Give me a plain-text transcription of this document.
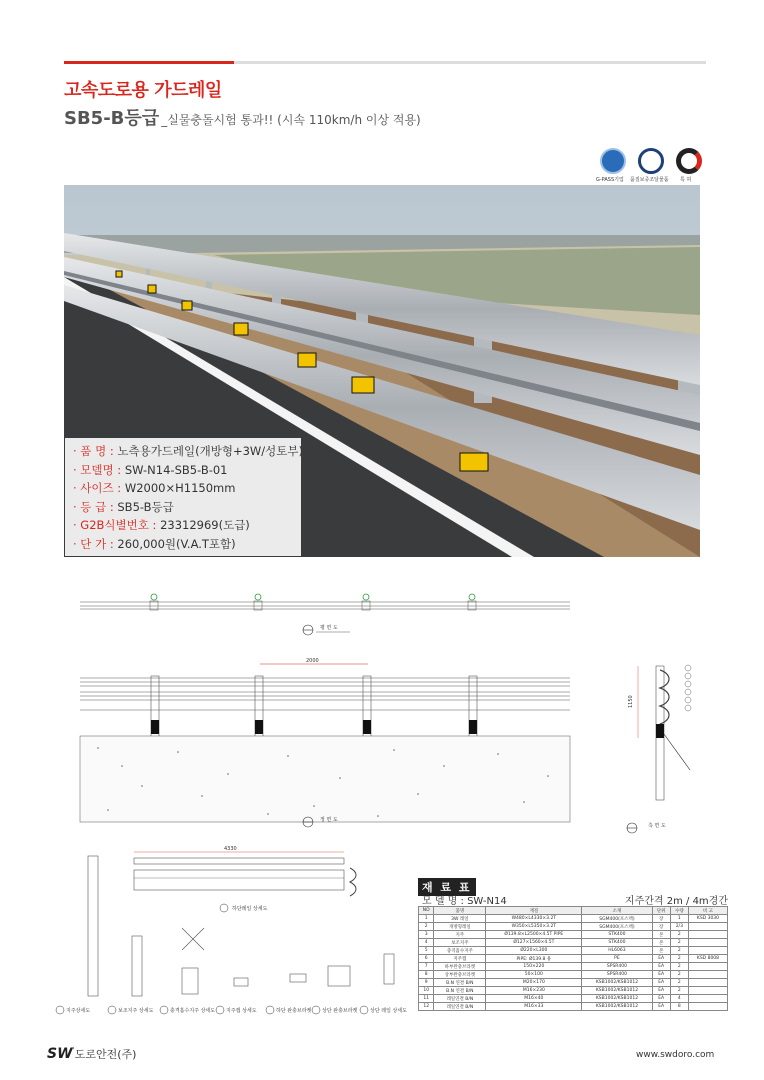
고속도로용 가드레일
SB5-B등급 _실물충돌시험 통과!! (시속 110km/h 이상 적용)
G-PASS기업 품질보증조달물품 특 허
· 품 명 : 노측용가드레일(개방형+3W/성토부)
· 모델명 : SW-N14-SB5-B-01
· 사이즈 : W2000×H1150mm
· 등 급 : SB5-B등급
· G2B식별번호 : 23312969(도급)
· 단 가 : 260,000원(V.A.T포함)
평 면 도
2000
정 면 도
1150
측 면 도
4330
하단레일 상세도
지주상세도	보조지주 상세도	충격흡수지주 상세도 지주캡 상세도	하단 완충브라켓 상단 완충브라켓	상단 레일 상세도
재 료 표
모 델 명 : SW-N14	지주간격 2m / 4m경간
NO	품명	재질	소재	단위	수량	비 고
1	3W 레일	W480×L4330×3.2T	SGM400(포스맥)	장	1	KSD 3030
2	개방형레일	W350×L5350×3.2T	SGM400(포스맥)	장	2/3	
3	지주	Ø139.8×L2500×4.5T PIPE	STK400	본	2	
4	보조지주	Ø127×1560×4.5T	STK400	본	2	
5	충격흡수지주	Ø220×L300	HL6063	본	2	
6	지주캡	PIPE: Ø139.8 용	PE	EA	2	KSD 8008
7	하부완충브라켓	150×220	SPSR400	EA	2	
8	상부완충브라켓	50×100	SPSR400	EA	2	
9	B.N 연결 B/N	M20×170	KSB1002/KSB1012	EA	2	
10	B.N 연결 B/N	M16×230	KSB1002/KSB1012	EA	2	
11	레일연결 B/N	M16×40	KSB1002/KSB1012	EA	4	
12	레일연결 B/N	M16×33	KSB1002/KSB1012	EA	8	
SW'도로안전(주)	www.swdoro.com
